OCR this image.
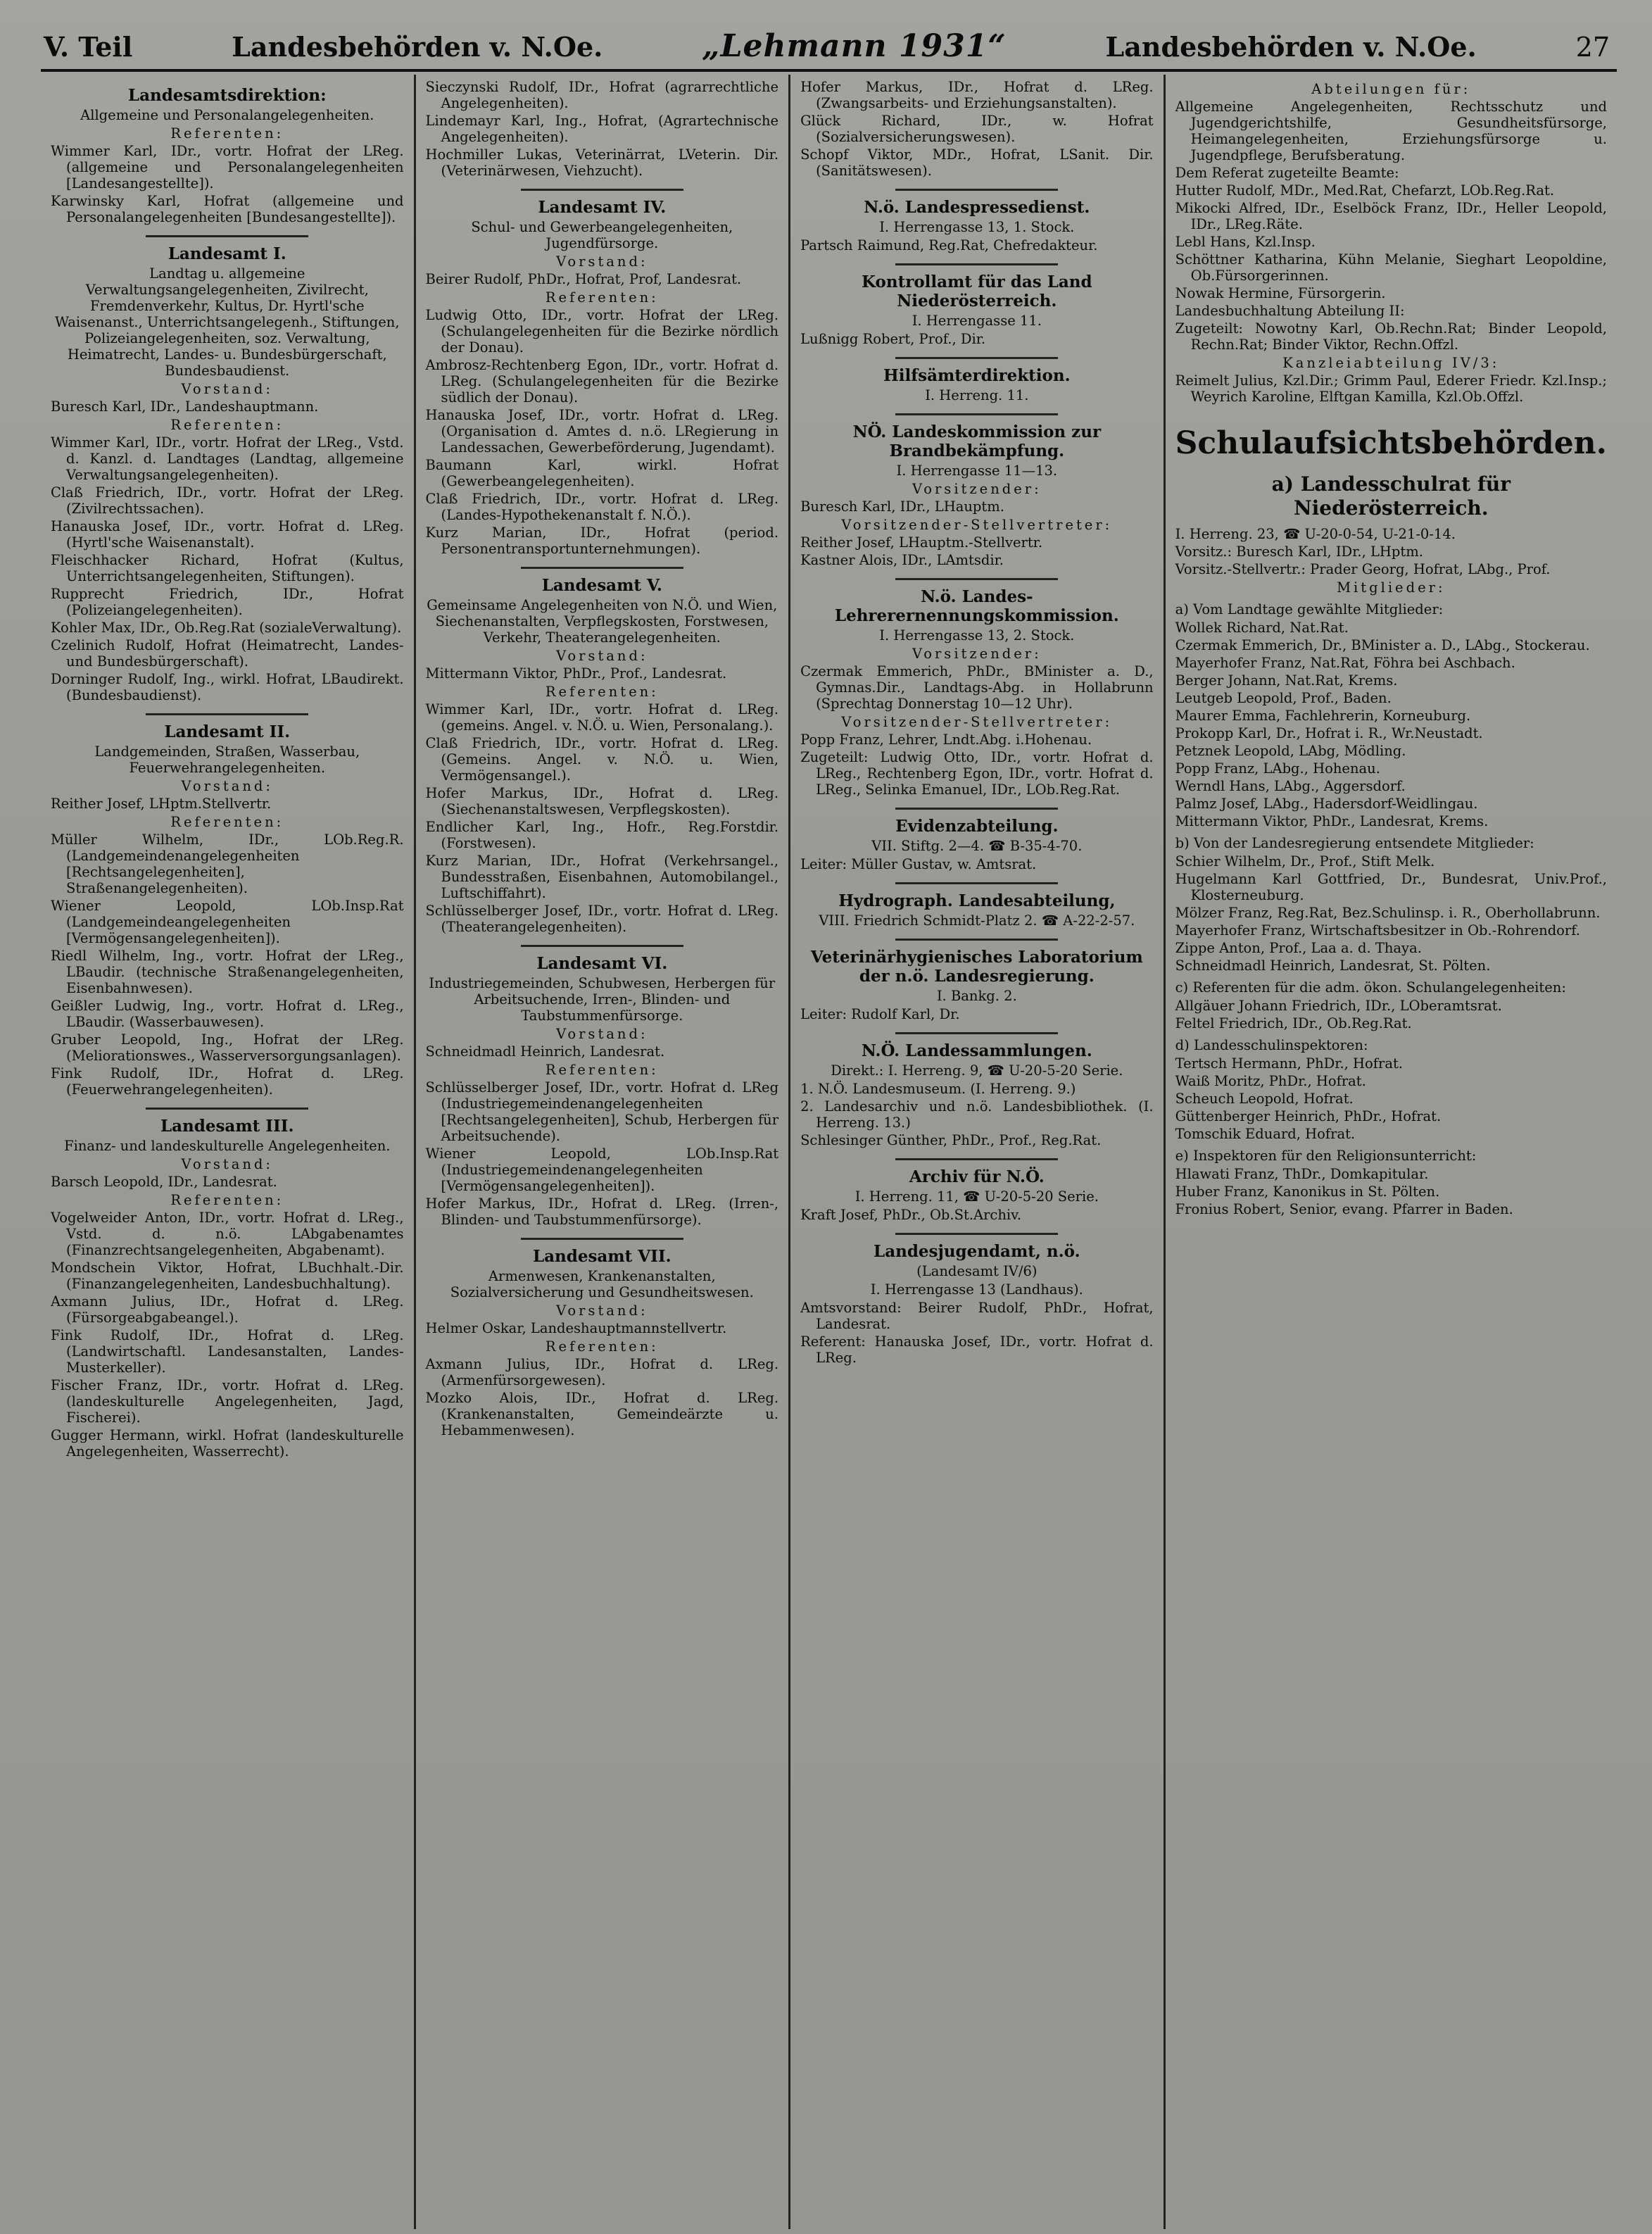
V. Teil	Landesbehörden v. N.Oe.	„Lehmann 1931“	Landesbehörden v. N.Oe.	27
Landesamtsdirektion:
Allgemeine und Personalangelegenheiten.
Referenten:
Wimmer Karl, IDr., vortr. Hofrat der LReg. (allgemeine und Personalangelegenheiten [Landesangestellte]).
Karwinsky Karl, Hofrat (allgemeine und Personalangelegenheiten [Bundesangestellte]).
Landesamt I.
Landtag u. allgemeine Verwaltungsangelegenheiten, Zivilrecht, Fremdenverkehr, Kultus, Dr. Hyrtl'sche Waisenanst., Unterrichtsangelegenh., Stiftungen, Polizeiangelegenheiten, soz. Verwaltung, Heimatrecht, Landes- u. Bundesbürgerschaft, Bundesbaudienst.
Vorstand:
Buresch Karl, IDr., Landeshauptmann.
Referenten:
Wimmer Karl, IDr., vortr. Hofrat der LReg., Vstd. d. Kanzl. d. Landtages (Landtag, allgemeine Verwaltungsangelegenheiten).
Claß Friedrich, IDr., vortr. Hofrat der LReg. (Zivilrechtssachen).
Hanauska Josef, IDr., vortr. Hofrat d. LReg. (Hyrtl'sche Waisenanstalt).
Fleischhacker Richard, Hofrat (Kultus, Unterrichtsangelegenheiten, Stiftungen).
Rupprecht Friedrich, IDr., Hofrat (Polizeiangelegenheiten).
Kohler Max, IDr., Ob.Reg.Rat (sozialeVerwaltung).
Czelinich Rudolf, Hofrat (Heimatrecht, Landes- und Bundesbürgerschaft).
Dorninger Rudolf, Ing., wirkl. Hofrat, LBaudirekt. (Bundesbaudienst).
Landesamt II.
Landgemeinden, Straßen, Wasserbau, Feuerwehrangelegenheiten.
Vorstand:
Reither Josef, LHptm.Stellvertr.
Referenten:
Müller Wilhelm, IDr., LOb.Reg.R. (Landgemeindenangelegenheiten [Rechtsangelegenheiten], Straßenangelegenheiten).
Wiener Leopold, LOb.Insp.Rat (Landgemeindeangelegenheiten [Vermögensangelegenheiten]).
Riedl Wilhelm, Ing., vortr. Hofrat der LReg., LBaudir. (technische Straßenangelegenheiten, Eisenbahnwesen).
Geißler Ludwig, Ing., vortr. Hofrat d. LReg., LBaudir. (Wasserbauwesen).
Gruber Leopold, Ing., Hofrat der LReg. (Meliorationswes., Wasserversorgungsanlagen).
Fink Rudolf, IDr., Hofrat d. LReg. (Feuerwehrangelegenheiten).
Landesamt III.
Finanz- und landeskulturelle Angelegenheiten.
Vorstand:
Barsch Leopold, IDr., Landesrat.
Referenten:
Vogelweider Anton, IDr., vortr. Hofrat d. LReg., Vstd. d. n.ö. LAbgabenamtes (Finanzrechtsangelegenheiten, Abgabenamt).
Mondschein Viktor, Hofrat, LBuchhalt.-Dir. (Finanzangelegenheiten, Landesbuchhaltung).
Axmann Julius, IDr., Hofrat d. LReg. (Fürsorgeabgabeangel.).
Fink Rudolf, IDr., Hofrat d. LReg. (Landwirtschaftl. Landesanstalten, Landes-Musterkeller).
Fischer Franz, IDr., vortr. Hofrat d. LReg. (landeskulturelle Angelegenheiten, Jagd, Fischerei).
Gugger Hermann, wirkl. Hofrat (landeskulturelle Angelegenheiten, Wasserrecht).
Sieczynski Rudolf, IDr., Hofrat (agrarrechtliche Angelegenheiten).
Lindemayr Karl, Ing., Hofrat, (Agrartechnische Angelegenheiten).
Hochmiller Lukas, Veterinärrat, LVeterin. Dir. (Veterinärwesen, Viehzucht).
Landesamt IV.
Schul- und Gewerbeangelegenheiten, Jugendfürsorge.
Vorstand:
Beirer Rudolf, PhDr., Hofrat, Prof, Landesrat.
Referenten:
Ludwig Otto, IDr., vortr. Hofrat der LReg. (Schulangelegenheiten für die Bezirke nördlich der Donau).
Ambrosz-Rechtenberg Egon, IDr., vortr. Hofrat d. LReg. (Schulangelegenheiten für die Bezirke südlich der Donau).
Hanauska Josef, IDr., vortr. Hofrat d. LReg. (Organisation d. Amtes d. n.ö. LRegierung in Landessachen, Gewerbeförderung, Jugendamt).
Baumann Karl, wirkl. Hofrat (Gewerbeangelegenheiten).
Claß Friedrich, IDr., vortr. Hofrat d. LReg. (Landes-Hypothekenanstalt f. N.Ö.).
Kurz Marian, IDr., Hofrat (period. Personentransportunternehmungen).
Landesamt V.
Gemeinsame Angelegenheiten von N.Ö. und Wien, Siechenanstalten, Verpflegskosten, Forstwesen, Verkehr, Theaterangelegenheiten.
Vorstand:
Mittermann Viktor, PhDr., Prof., Landesrat.
Referenten:
Wimmer Karl, IDr., vortr. Hofrat d. LReg. (gemeins. Angel. v. N.Ö. u. Wien, Personalang.).
Claß Friedrich, IDr., vortr. Hofrat d. LReg. (Gemeins. Angel. v. N.Ö. u. Wien, Vermögensangel.).
Hofer Markus, IDr., Hofrat d. LReg. (Siechenanstaltswesen, Verpflegskosten).
Endlicher Karl, Ing., Hofr., Reg.Forstdir. (Forstwesen).
Kurz Marian, IDr., Hofrat (Verkehrsangel., Bundesstraßen, Eisenbahnen, Automobilangel., Luftschiffahrt).
Schlüsselberger Josef, IDr., vortr. Hofrat d. LReg. (Theaterangelegenheiten).
Landesamt VI.
Industriegemeinden, Schubwesen, Herbergen für Arbeitsuchende, Irren-, Blinden- und Taubstummenfürsorge.
Vorstand:
Schneidmadl Heinrich, Landesrat.
Referenten:
Schlüsselberger Josef, IDr., vortr. Hofrat d. LReg (Industriegemeindenangelegenheiten [Rechtsangelegenheiten], Schub, Herbergen für Arbeitsuchende).
Wiener Leopold, LOb.Insp.Rat (Industriegemeindenangelegenheiten [Vermögensangelegenheiten]).
Hofer Markus, IDr., Hofrat d. LReg. (Irren-, Blinden- und Taubstummenfürsorge).
Landesamt VII.
Armenwesen, Krankenanstalten, Sozialversicherung und Gesundheitswesen.
Vorstand:
Helmer Oskar, Landeshauptmannstellvertr.
Referenten:
Axmann Julius, IDr., Hofrat d. LReg. (Armenfürsorgewesen).
Mozko Alois, IDr., Hofrat d. LReg. (Krankenanstalten, Gemeindeärzte u. Hebammenwesen).
Hofer Markus, IDr., Hofrat d. LReg. (Zwangsarbeits- und Erziehungsanstalten).
Glück Richard, IDr., w. Hofrat (Sozialversicherungswesen).
Schopf Viktor, MDr., Hofrat, LSanit. Dir. (Sanitätswesen).
N.ö. Landespressedienst.
I. Herrengasse 13, 1. Stock.
Partsch Raimund, Reg.Rat, Chefredakteur.
Kontrollamt für das Land Niederösterreich.
I. Herrengasse 11.
Lußnigg Robert, Prof., Dir.
Hilfsämterdirektion.
I. Herreng. 11.
NÖ. Landeskommission zur Brandbekämpfung.
I. Herrengasse 11—13.
Vorsitzender:
Buresch Karl, IDr., LHauptm.
Vorsitzender-Stellvertreter:
Reither Josef, LHauptm.-Stellvertr.
Kastner Alois, IDr., LAmtsdir.
N.ö. Landes-Lehrerernennungskommission.
I. Herrengasse 13, 2. Stock.
Vorsitzender:
Czermak Emmerich, PhDr., BMinister a. D., Gymnas.Dir., Landtags-Abg. in Hollabrunn (Sprechtag Donnerstag 10—12 Uhr).
Vorsitzender-Stellvertreter:
Popp Franz, Lehrer, Lndt.Abg. i.Hohenau.
Zugeteilt: Ludwig Otto, IDr., vortr. Hofrat d. LReg., Rechtenberg Egon, IDr., vortr. Hofrat d. LReg., Selinka Emanuel, IDr., LOb.Reg.Rat.
Evidenzabteilung.
VII. Stiftg. 2—4. ☎ B-35-4-70.
Leiter: Müller Gustav, w. Amtsrat.
Hydrograph. Landesabteilung,
VIII. Friedrich Schmidt-Platz 2. ☎ A-22-2-57.
Veterinärhygienisches Laboratorium der n.ö. Landesregierung.
I. Bankg. 2.
Leiter: Rudolf Karl, Dr.
N.Ö. Landessammlungen.
Direkt.: I. Herreng. 9, ☎ U-20-5-20 Serie.
1. N.Ö. Landesmuseum. (I. Herreng. 9.)
2. Landesarchiv und n.ö. Landesbibliothek. (I. Herreng. 13.)
Schlesinger Günther, PhDr., Prof., Reg.Rat.
Archiv für N.Ö.
I. Herreng. 11, ☎ U-20-5-20 Serie.
Kraft Josef, PhDr., Ob.St.Archiv.
Landesjugendamt, n.ö.
(Landesamt IV/6)
I. Herrengasse 13 (Landhaus).
Amtsvorstand: Beirer Rudolf, PhDr., Hofrat, Landesrat.
Referent: Hanauska Josef, IDr., vortr. Hofrat d. LReg.
Abteilungen für:
Allgemeine Angelegenheiten, Rechtsschutz und Jugendgerichtshilfe, Gesundheitsfürsorge, Heimangelegenheiten, Erziehungsfürsorge u. Jugendpflege, Berufsberatung.
Dem Referat zugeteilte Beamte:
Hutter Rudolf, MDr., Med.Rat, Chefarzt, LOb.Reg.Rat.
Mikocki Alfred, IDr., Eselböck Franz, IDr., Heller Leopold, IDr., LReg.Räte.
Lebl Hans, Kzl.Insp.
Schöttner Katharina, Kühn Melanie, Sieghart Leopoldine, Ob.Fürsorgerinnen.
Nowak Hermine, Fürsorgerin.
Landesbuchhaltung Abteilung II:
Zugeteilt: Nowotny Karl, Ob.Rechn.Rat; Binder Leopold, Rechn.Rat; Binder Viktor, Rechn.Offzl.
Kanzleiabteilung IV/3:
Reimelt Julius, Kzl.Dir.; Grimm Paul, Ederer Friedr. Kzl.Insp.; Weyrich Karoline, Elftgan Kamilla, Kzl.Ob.Offzl.
Schulaufsichtsbehörden.
a) Landesschulrat für Niederösterreich.
I. Herreng. 23, ☎ U-20-0-54, U-21-0-14.
Vorsitz.: Buresch Karl, IDr., LHptm.
Vorsitz.-Stellvertr.: Prader Georg, Hofrat, LAbg., Prof.
Mitglieder:
a) Vom Landtage gewählte Mitglieder:
Wollek Richard, Nat.Rat.
Czermak Emmerich, Dr., BMinister a. D., LAbg., Stockerau.
Mayerhofer Franz, Nat.Rat, Föhra bei Aschbach.
Berger Johann, Nat.Rat, Krems.
Leutgeb Leopold, Prof., Baden.
Maurer Emma, Fachlehrerin, Korneuburg.
Prokopp Karl, Dr., Hofrat i. R., Wr.Neustadt.
Petznek Leopold, LAbg, Mödling.
Popp Franz, LAbg., Hohenau.
Werndl Hans, LAbg., Aggersdorf.
Palmz Josef, LAbg., Hadersdorf-Weidlingau.
Mittermann Viktor, PhDr., Landesrat, Krems.
b) Von der Landesregierung entsendete Mitglieder:
Schier Wilhelm, Dr., Prof., Stift Melk.
Hugelmann Karl Gottfried, Dr., Bundesrat, Univ.Prof., Klosterneuburg.
Mölzer Franz, Reg.Rat, Bez.Schulinsp. i. R., Oberhollabrunn.
Mayerhofer Franz, Wirtschaftsbesitzer in Ob.-Rohrendorf.
Zippe Anton, Prof., Laa a. d. Thaya.
Schneidmadl Heinrich, Landesrat, St. Pölten.
c) Referenten für die adm. ökon. Schulangelegenheiten:
Allgäuer Johann Friedrich, IDr., LOberamtsrat.
Feltel Friedrich, IDr., Ob.Reg.Rat.
d) Landesschulinspektoren:
Tertsch Hermann, PhDr., Hofrat.
Waiß Moritz, PhDr., Hofrat.
Scheuch Leopold, Hofrat.
Güttenberger Heinrich, PhDr., Hofrat.
Tomschik Eduard, Hofrat.
e) Inspektoren für den Religionsunterricht:
Hlawati Franz, ThDr., Domkapitular.
Huber Franz, Kanonikus in St. Pölten.
Fronius Robert, Senior, evang. Pfarrer in Baden.
